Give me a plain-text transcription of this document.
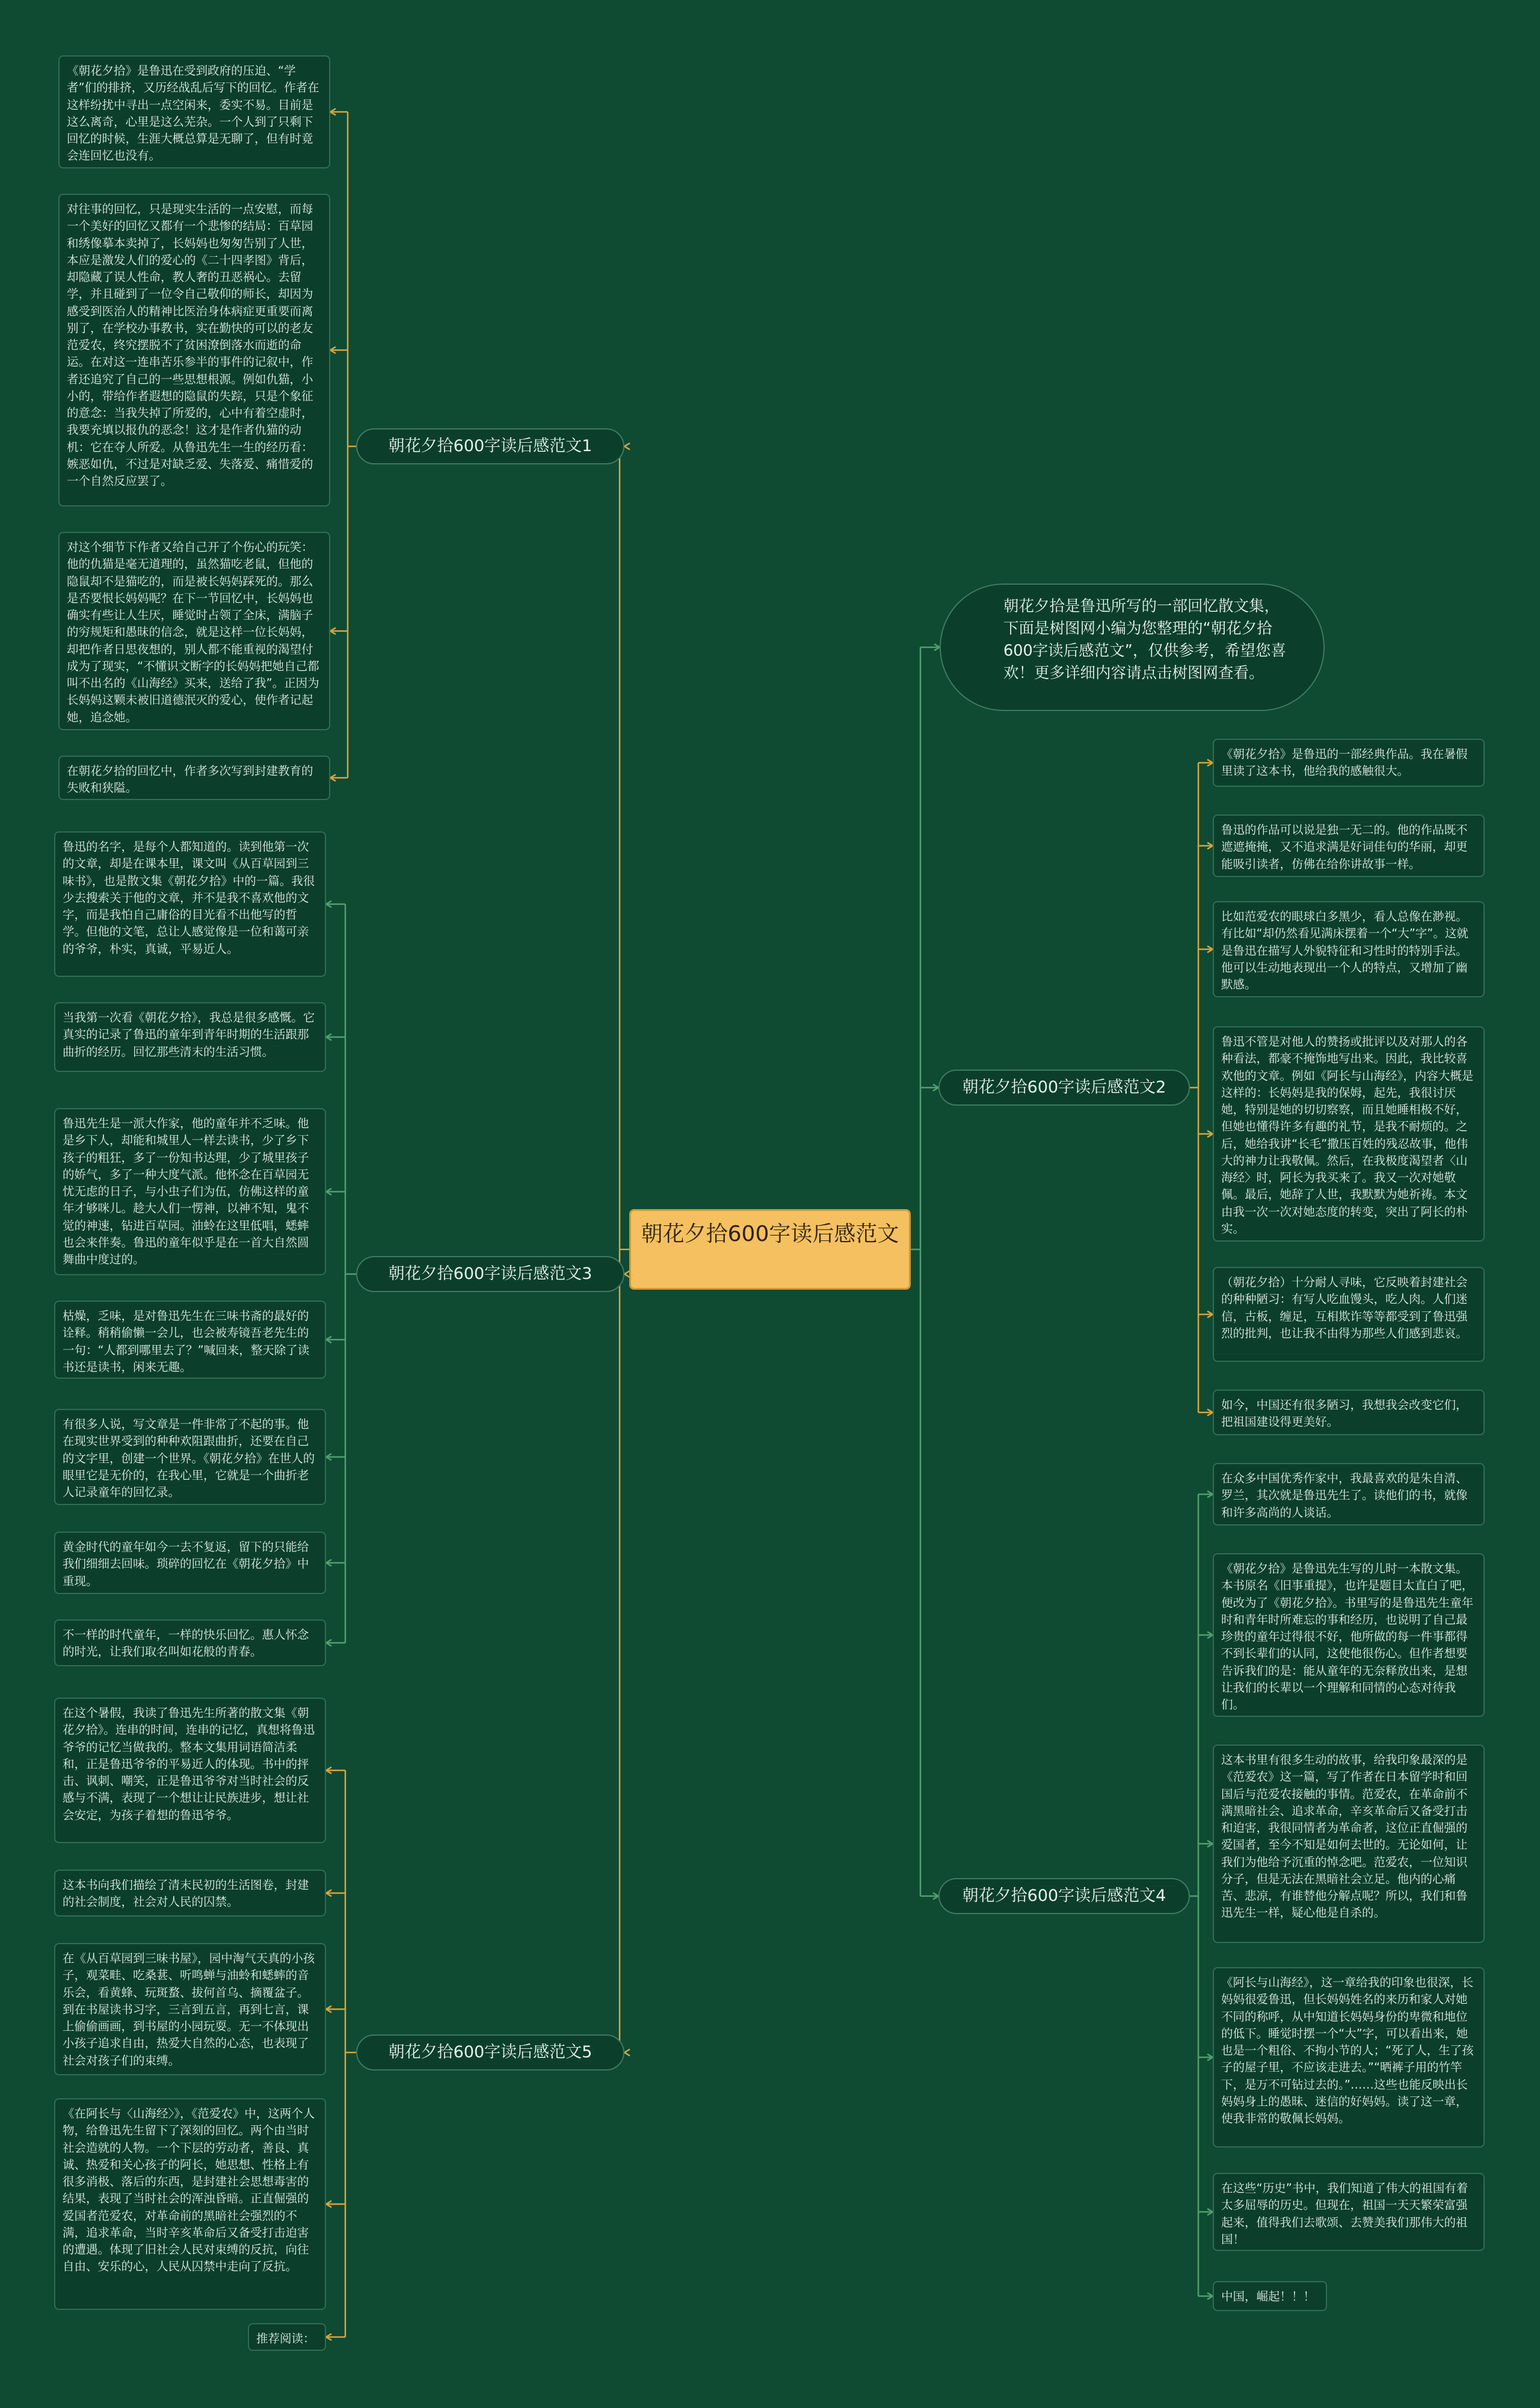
朝花夕拾600字读后感范文
朝花夕拾是鲁迅所写的一部回忆散文集，下面是树图网小编为您整理的“朝花夕拾600字读后感范文”，仅供参考，希望您喜欢！更多详细内容请点击树图网查看。
朝花夕拾600字读后感范文1
朝花夕拾600字读后感范文2
朝花夕拾600字读后感范文3
朝花夕拾600字读后感范文4
朝花夕拾600字读后感范文5
《朝花夕拾》是鲁迅在受到政府的压迫、“学者”们的排挤，又历经战乱后写下的回忆。作者在这样纷扰中寻出一点空闲来，委实不易。目前是这么离奇，心里是这么芜杂。一个人到了只剩下回忆的时候，生涯大概总算是无聊了，但有时竟会连回忆也没有。
对往事的回忆，只是现实生活的一点安慰，而每一个美好的回忆又都有一个悲惨的结局：百草园和绣像摹本卖掉了，长妈妈也匆匆告别了人世，本应是激发人们的爱心的《二十四孝图》背后，却隐藏了误人性命，教人奢的丑恶祸心。去留学，并且碰到了一位令自己敬仰的师长，却因为感受到医治人的精神比医治身体病症更重要而离别了，在学校办事教书，实在勤快的可以的老友范爱农，终究摆脱不了贫困潦倒落水而逝的命运。在对这一连串苦乐参半的事件的记叙中，作者还追究了自己的一些思想根源。例如仇猫，小小的，带给作者遐想的隐鼠的失踪，只是个象征的意念：当我失掉了所爱的，心中有着空虚时，我要充填以报仇的恶念！这才是作者仇猫的动机：它在夺人所爱。从鲁迅先生一生的经历看：嫉恶如仇，不过是对缺乏爱、失落爱、痛惜爱的一个自然反应罢了。
对这个细节下作者又给自己开了个伤心的玩笑：他的仇猫是毫无道理的，虽然猫吃老鼠，但他的隐鼠却不是猫吃的，而是被长妈妈踩死的。那么是否要恨长妈妈呢？在下一节回忆中，长妈妈也确实有些让人生厌，睡觉时占领了全床，满脑子的穷规矩和愚昧的信念，就是这样一位长妈妈，却把作者日思夜想的，别人都不能重视的渴望付成为了现实，“不懂识文断字的长妈妈把她自己都叫不出名的《山海经》买来，送给了我”。正因为长妈妈这颗未被旧道德泯灭的爱心，使作者记起她，追念她。
在朝花夕拾的回忆中，作者多次写到封建教育的失败和狭隘。
鲁迅的名字，是每个人都知道的。读到他第一次的文章，却是在课本里，课文叫《从百草园到三味书》，也是散文集《朝花夕拾》中的一篇。我很少去搜索关于他的文章，并不是我不喜欢他的文字，而是我怕自己庸俗的目光看不出他写的哲学。但他的文笔，总让人感觉像是一位和蔼可亲的爷爷，朴实，真诚，平易近人。
当我第一次看《朝花夕拾》，我总是很多感慨。它真实的记录了鲁迅的童年到青年时期的生活跟那曲折的经历。回忆那些清末的生活习惯。
鲁迅先生是一派大作家，他的童年并不乏味。他是乡下人，却能和城里人一样去读书，少了乡下孩子的粗狂，多了一份知书达理，少了城里孩子的娇气，多了一种大度气派。他怀念在百草园无忧无虑的日子，与小虫子们为伍，仿佛这样的童年才够咪儿。趁大人们一愣神，以神不知，鬼不觉的神速，钻进百草园。油蛉在这里低唱，蟋蟀也会来伴奏。鲁迅的童年似乎是在一首大自然圆舞曲中度过的。
枯燥，乏味，是对鲁迅先生在三味书斋的最好的诠释。稍稍偷懒一会儿，也会被寿镜吾老先生的一句：“人都到哪里去了？”喊回来，整天除了读书还是读书，闲来无趣。
有很多人说，写文章是一件非常了不起的事。他在现实世界受到的种种欢阻跟曲折，还要在自己的文字里，创建一个世界。《朝花夕拾》在世人的眼里它是无价的，在我心里，它就是一个曲折老人记录童年的回忆录。
黄金时代的童年如今一去不复返，留下的只能给我们细细去回味。琐碎的回忆在《朝花夕拾》中重现。
不一样的时代童年，一样的快乐回忆。惠人怀念的时光，让我们取名叫如花般的青春。
在这个暑假，我读了鲁迅先生所著的散文集《朝花夕拾》。连串的时间，连串的记忆，真想将鲁迅爷爷的记忆当做我的。整本文集用词语简洁柔和，正是鲁迅爷爷的平易近人的体现。书中的抨击、讽刺、嘲笑，正是鲁迅爷爷对当时社会的反感与不满，表现了一个想让让民族进步，想让社会安定，为孩子着想的鲁迅爷爷。
这本书向我们描绘了清末民初的生活图卷，封建的社会制度，社会对人民的囚禁。
在《从百草园到三味书屋》，园中淘气天真的小孩子，观菜畦、吃桑葚、听鸣蝉与油蛉和蟋蟀的音乐会，看黄蜂、玩斑蝥、拔何首乌、摘覆盆子。到在书屋读书习字，三言到五言，再到七言，课上偷偷画画，到书屋的小园玩耍。无一不体现出小孩子追求自由，热爱大自然的心态，也表现了社会对孩子们的束缚。
《在阿长与〈山海经〉》，《范爱农》中，这两个人物，给鲁迅先生留下了深刻的回忆。两个由当时社会造就的人物。一个下层的劳动者，善良、真诚、热爱和关心孩子的阿长，她思想、性格上有很多消极、落后的东西，是封建社会思想毒害的结果，表现了当时社会的浑浊昏暗。正直倔强的爱国者范爱农，对革命前的黑暗社会强烈的不满，追求革命，当时辛亥革命后又备受打击迫害的遭遇。体现了旧社会人民对束缚的反抗，向往自由、安乐的心，人民从囚禁中走向了反抗。
推荐阅读：
《朝花夕拾》是鲁迅的一部经典作品。我在暑假里读了这本书，他给我的感触很大。
鲁迅的作品可以说是独一无二的。他的作品既不遮遮掩掩，又不追求满是好词佳句的华丽，却更能吸引读者，仿佛在给你讲故事一样。
比如范爱农的眼球白多黑少，看人总像在渺视。有比如“却仍然看见满床摆着一个“大”字”。这就是鲁迅在描写人外貌特征和习性时的特别手法。他可以生动地表现出一个人的特点，又增加了幽默感。
鲁迅不管是对他人的赞扬或批评以及对那人的各种看法，都豪不掩饰地写出来。因此，我比较喜欢他的文章。例如《阿长与山海经》，内容大概是这样的：长妈妈是我的保姆，起先，我很讨厌她，特别是她的切切察察，而且她睡相极不好，但她也懂得许多有趣的礼节，是我不耐烦的。之后，她给我讲“长毛”撒压百姓的残忍故事，他伟大的神力让我敬佩。然后，在我极度渴望者〈山海经〉时，阿长为我买来了。我又一次对她敬佩。最后，她辞了人世，我默默为她祈祷。本文由我一次一次对她态度的转变，突出了阿长的朴实。
（朝花夕拾）十分耐人寻味，它反映着封建社会的种种陋习：有写人吃血馒头，吃人肉。人们迷信，古板，缠足，互相欺诈等等都受到了鲁迅强烈的批判，也让我不由得为那些人们感到悲哀。
如今，中国还有很多陋习，我想我会改变它们，把祖国建设得更美好。
在众多中国优秀作家中，我最喜欢的是朱自清、罗兰，其次就是鲁迅先生了。读他们的书，就像和许多高尚的人谈话。
《朝花夕拾》是鲁迅先生写的儿时一本散文集。本书原名《旧事重提》，也许是题目太直白了吧，便改为了《朝花夕拾》。书里写的是鲁迅先生童年时和青年时所难忘的事和经历，也说明了自己最珍贵的童年过得很不好，他所做的每一件事都得不到长辈们的认同，这使他很伤心。但作者想要告诉我们的是：能从童年的无奈释放出来，是想让我们的长辈以一个理解和同情的心态对待我们。
这本书里有很多生动的故事，给我印象最深的是《范爱农》这一篇，写了作者在日本留学时和回国后与范爱农接触的事情。范爱农，在革命前不满黑暗社会、追求革命，辛亥革命后又备受打击和迫害，我很同情者为革命者，这位正直倔强的爱国者，至今不知是如何去世的。无论如何，让我们为他给予沉重的悼念吧。范爱农，一位知识分子，但是无法在黑暗社会立足。他内的心痛苦、悲凉，有谁替他分解点呢？所以，我们和鲁迅先生一样，疑心他是自杀的。
《阿长与山海经》，这一章给我的印象也很深，长妈妈很爱鲁迅，但长妈妈姓名的来历和家人对她不同的称呼，从中知道长妈妈身份的卑微和地位的低下。睡觉时摆一个“大”字，可以看出来，她也是一个粗俗、不拘小节的人；“死了人，生了孩子的屋子里，不应该走进去。”“晒裤子用的竹竿下，是万不可钻过去的。”……这些也能反映出长妈妈身上的愚昧、迷信的好妈妈。读了这一章，使我非常的敬佩长妈妈。
在这些“历史”书中，我们知道了伟大的祖国有着太多屈辱的历史。但现在，祖国一天天繁荣富强起来，值得我们去歌颂、去赞美我们那伟大的祖国！
中国，崛起！！！
